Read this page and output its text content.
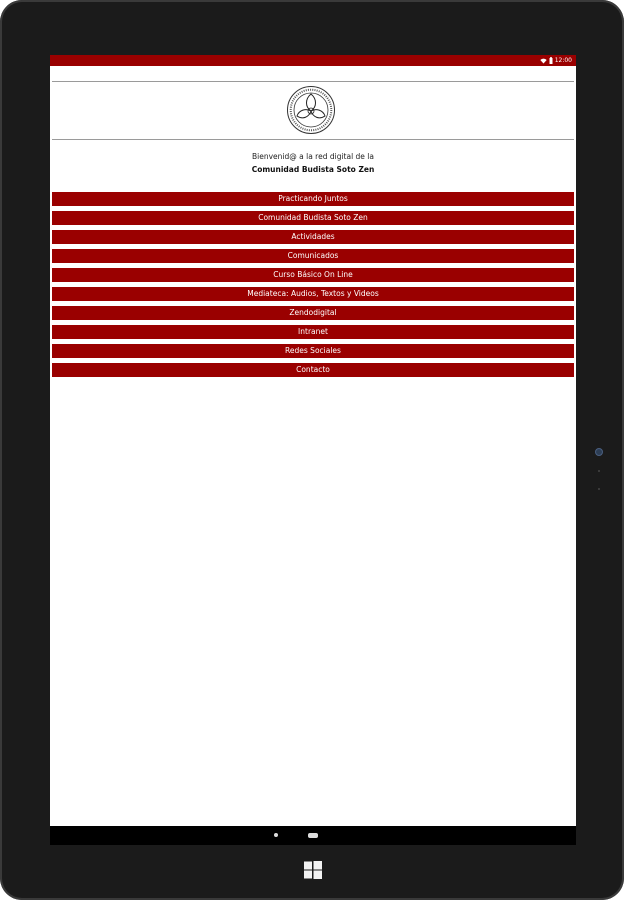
12:00
Bienvenid@ a la red digital de la
Comunidad Budista Soto Zen
Practicando Juntos
Comunidad Budista Soto Zen
Actividades
Comunicados
Curso Básico On Line
Mediateca: Audios, Textos y Videos
Zendodigital
Intranet
Redes Sociales
Contacto
